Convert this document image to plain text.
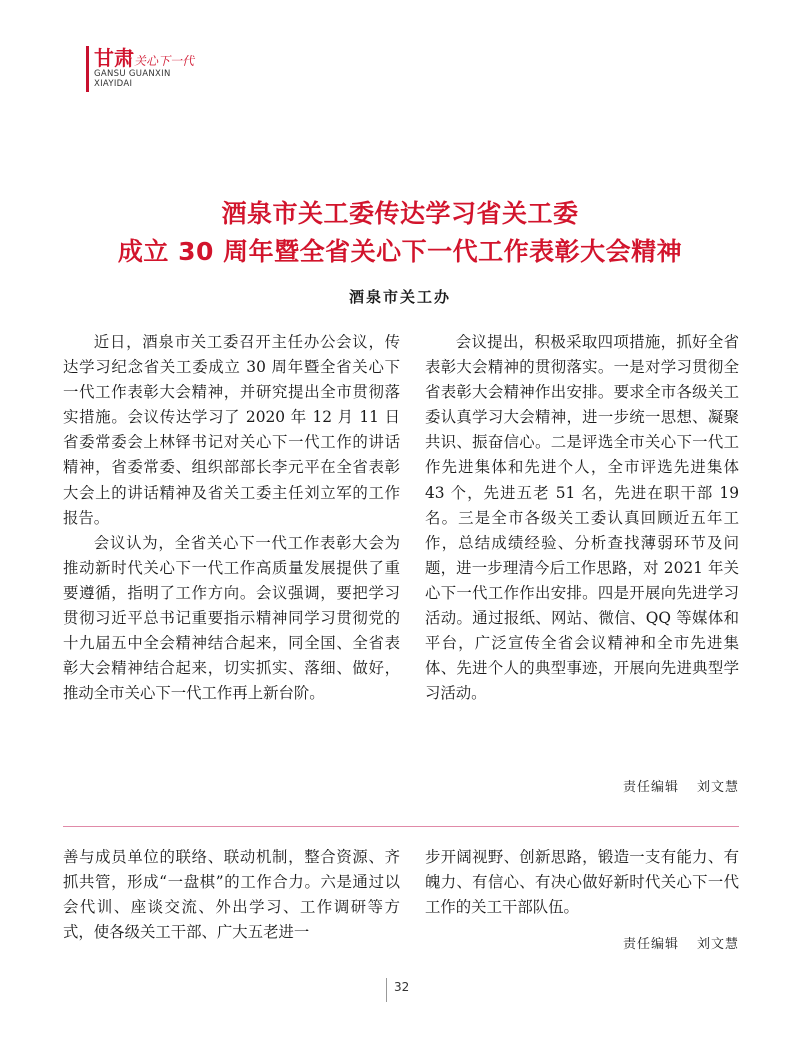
甘肃关心下一代
GANSU GUANXIN
XIAYIDAI
酒泉市关工委传达学习省关工委
成立 30 周年暨全省关心下一代工作表彰大会精神
酒泉市关工办

近日，酒泉市关工委召开主任办公会议，传达学习纪念省关工委成立 30 周年暨全省关心下一代工作表彰大会精神，并研究提出全市贯彻落实措施。会议传达学习了 2020 年 12 月 11 日省委常委会上林铎书记对关心下一代工作的讲话精神，省委常委、组织部部长李元平在全省表彰大会上的讲话精神及省关工委主任刘立军的工作报告。

会议认为，全省关心下一代工作表彰大会为推动新时代关心下一代工作高质量发展提供了重要遵循，指明了工作方向。会议强调，要把学习贯彻习近平总书记重要指示精神同学习贯彻党的十九届五中全会精神结合起来，同全国、全省表彰大会精神结合起来，切实抓实、落细、做好，推动全市关心下一代工作再上新台阶。

会议提出，积极采取四项措施，抓好全省表彰大会精神的贯彻落实。一是对学习贯彻全省表彰大会精神作出安排。要求全市各级关工委认真学习大会精神，进一步统一思想、凝聚共识、振奋信心。二是评选全市关心下一代工作先进集体和先进个人，全市评选先进集体 43 个，先进五老 51 名，先进在职干部 19 名。三是全市各级关工委认真回顾近五年工作，总结成绩经验、分析查找薄弱环节及问题，进一步理清今后工作思路，对 2021 年关心下一代工作作出安排。四是开展向先进学习活动。通过报纸、网站、微信、QQ 等媒体和平台，广泛宣传全省会议精神和全市先进集体、先进个人的典型事迹，开展向先进典型学习活动。

责任编辑 刘文慧

善与成员单位的联络、联动机制，整合资源、齐抓共管，形成“一盘棋”的工作合力。六是通过以会代训、座谈交流、外出学习、工作调研等方式，使各级关工干部、广大五老进一

步开阔视野、创新思路，锻造一支有能力、有魄力、有信心、有决心做好新时代关心下一代工作的关工干部队伍。

责任编辑 刘文慧
32
